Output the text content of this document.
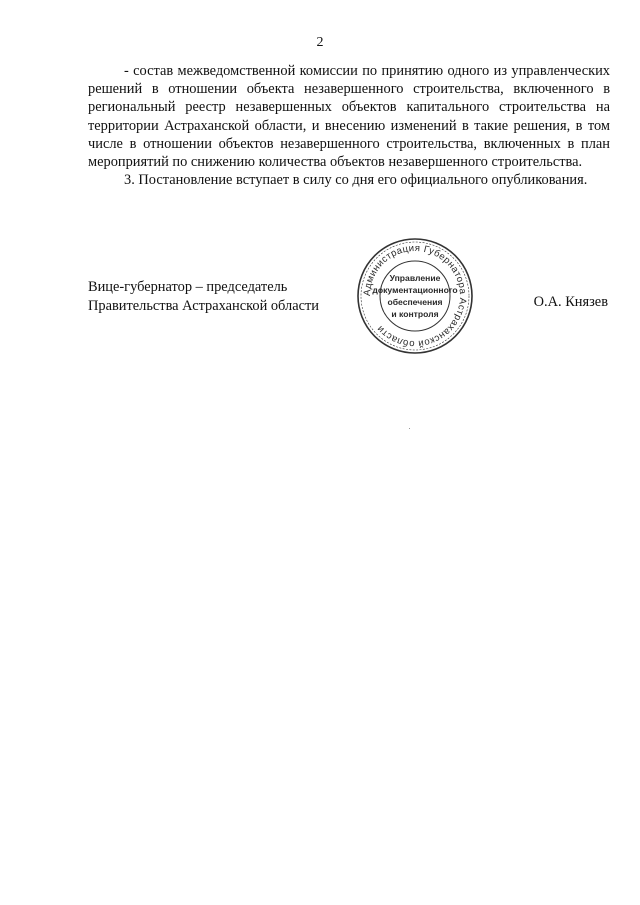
2

- состав межведомственной комиссии по принятию одного из управленческих решений в отношении объекта незавершенного строительства, включенного в региональный реестр незавершенных объектов капитального строительства на территории Астраханской области, и внесению изменений в такие решения, в том числе в отношении объектов незавершенного строительства, включенных в план мероприятий по снижению количества объектов незавершенного строительства.

3. Постановление вступает в силу со дня его официального опубликования.

Вице-губернатор – председатель
Правительства Астраханской области
Администрация Губернатора Астраханской области
Управление
документационного
обеспечения
и контроля
О.А. Князев
